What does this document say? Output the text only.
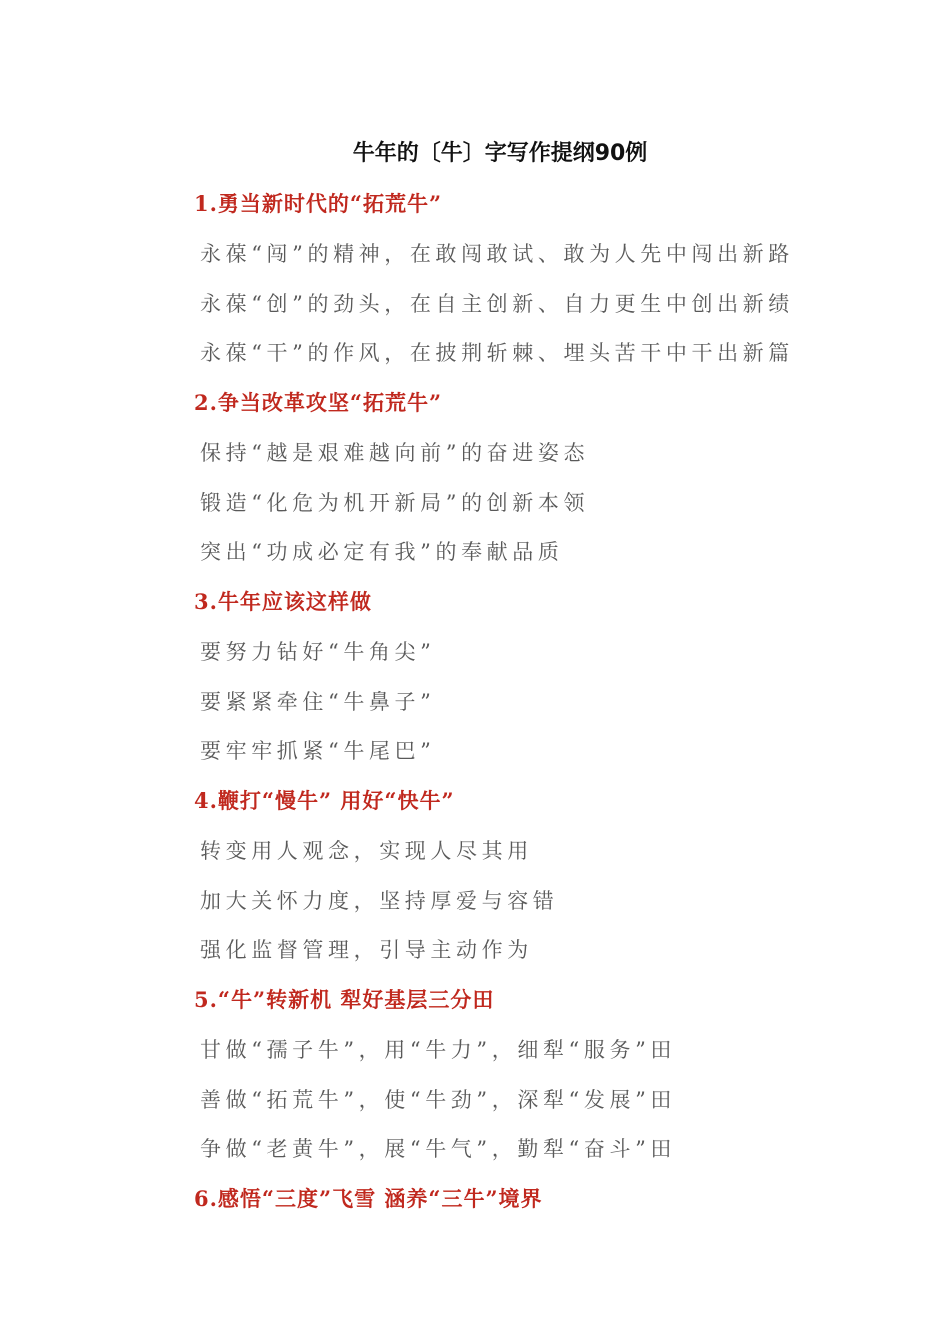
牛年的〔牛〕字写作提纲90例
1.勇当新时代的“拓荒牛”
永葆“闯”的精神，在敢闯敢试、敢为人先中闯出新路
永葆“创”的劲头，在自主创新、自力更生中创出新绩
永葆“干”的作风，在披荆斩棘、埋头苦干中干出新篇
2.争当改革攻坚“拓荒牛”
保持“越是艰难越向前”的奋进姿态
锻造“化危为机开新局”的创新本领
突出“功成必定有我”的奉献品质
3.牛年应该这样做
要努力钻好“牛角尖”
要紧紧牵住“牛鼻子”
要牢牢抓紧“牛尾巴”
4.鞭打“慢牛” 用好“快牛”
转变用人观念，实现人尽其用
加大关怀力度，坚持厚爱与容错
强化监督管理，引导主动作为
5.“牛”转新机 犁好基层三分田
甘做“孺子牛”，用“牛力”，细犁“服务”田
善做“拓荒牛”，使“牛劲”，深犁“发展”田
争做“老黄牛”，展“牛气”，勤犁“奋斗”田
6.感悟“三度”飞雪 涵养“三牛”境界
